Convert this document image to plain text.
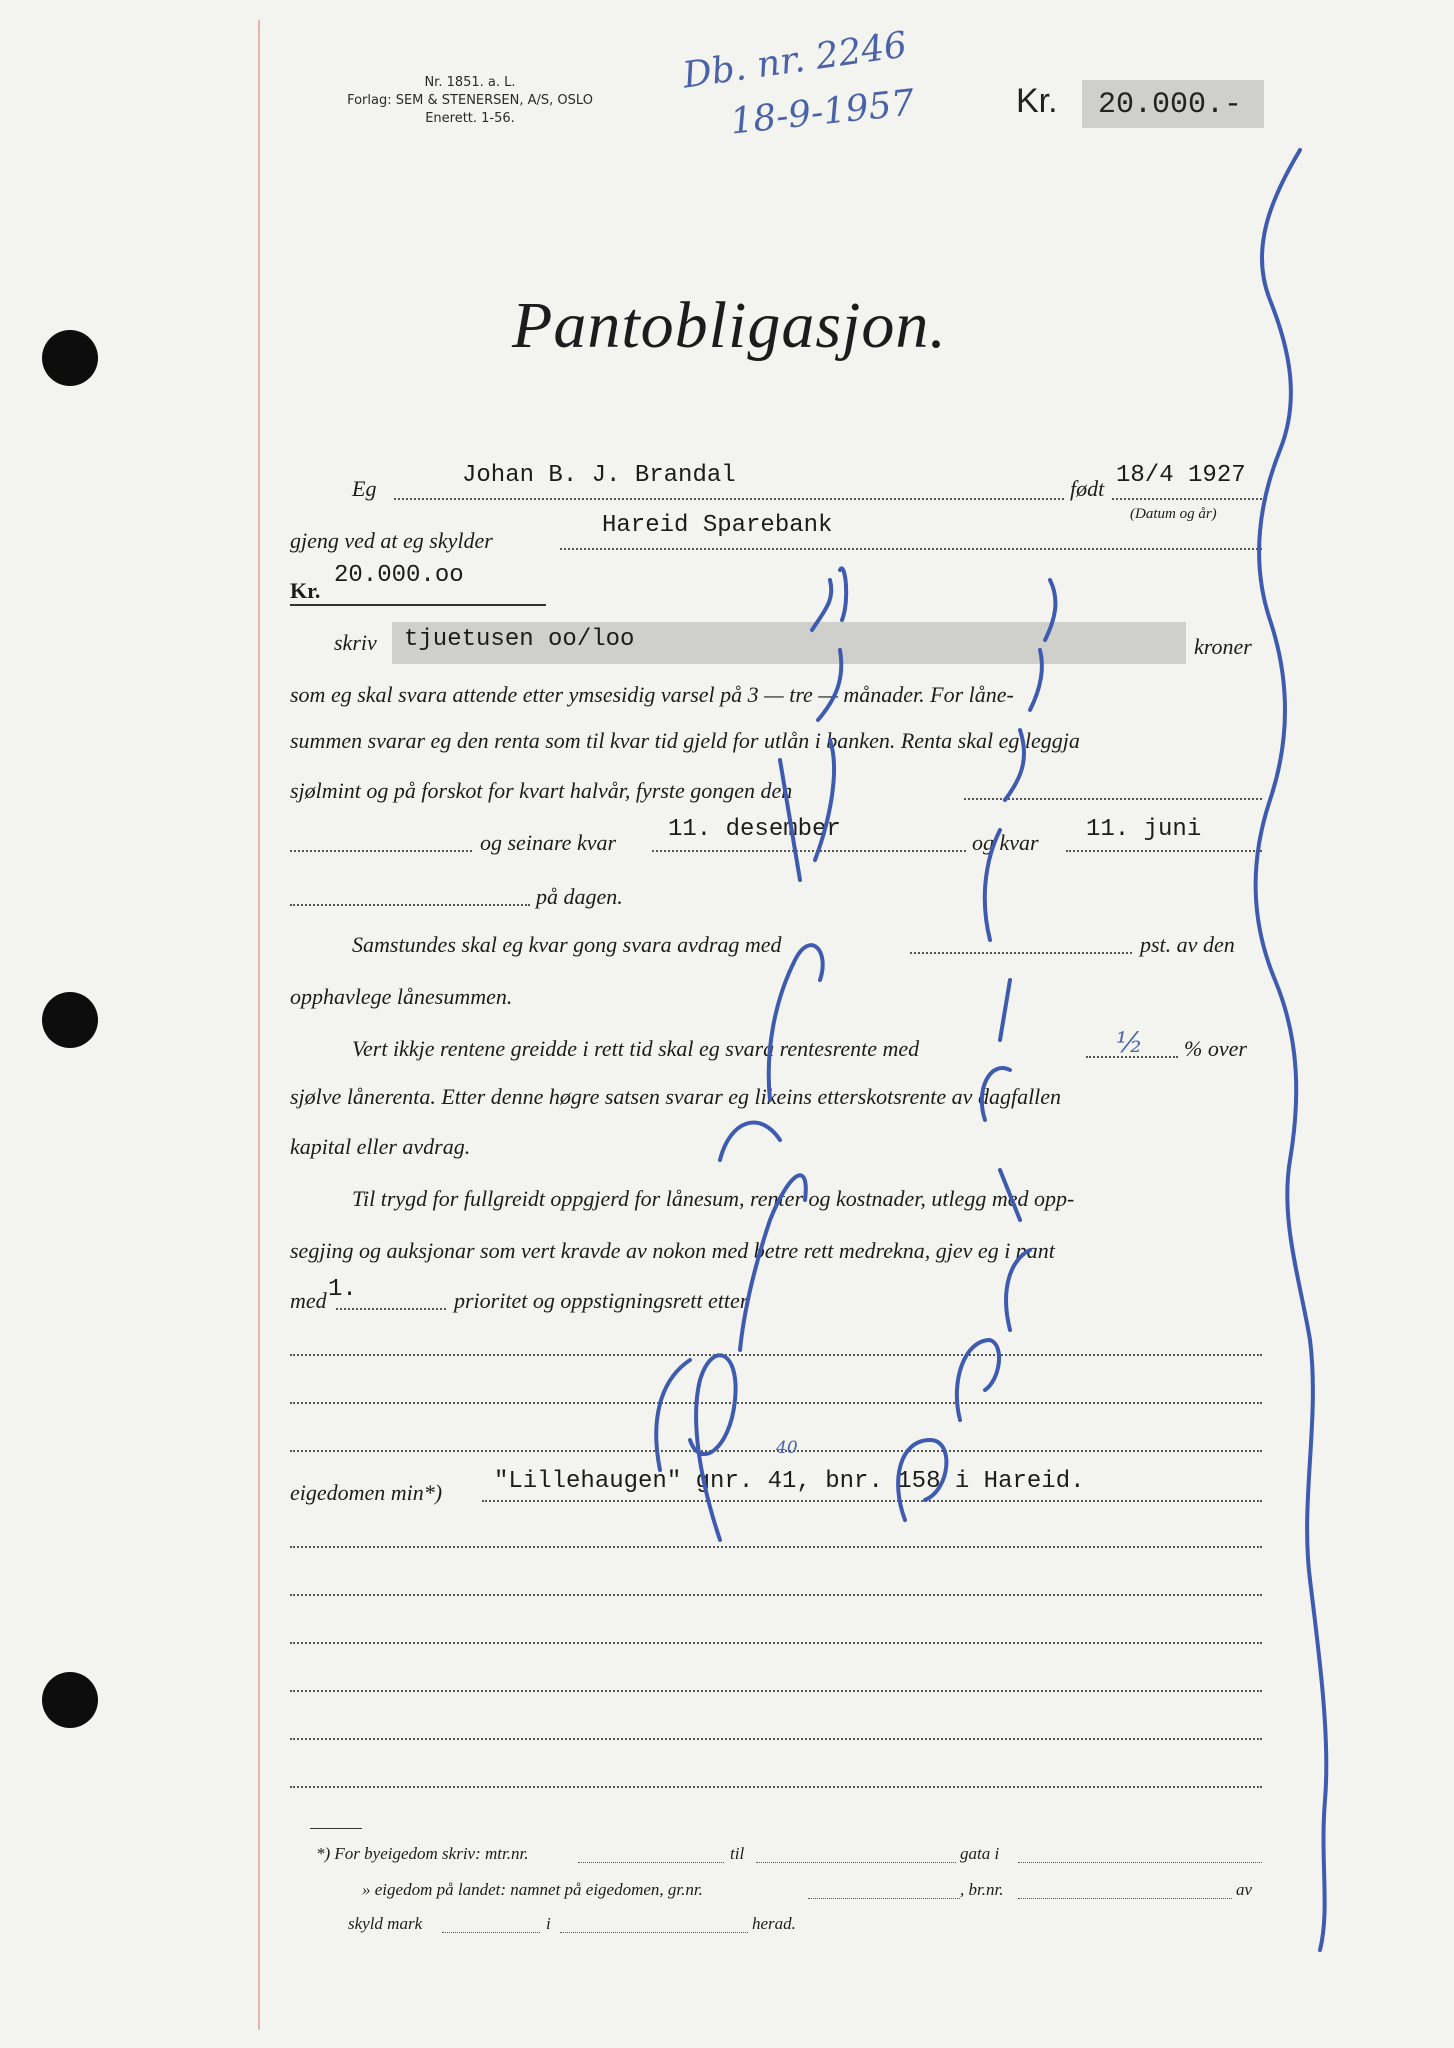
Nr. 1851. a. L.
Forlag: SEM & STENERSEN, A/S, OSLO
Enerett. 1-56.
Db. nr. 2246
18-9-1957	Kr. 20.000.-
Pantobligasjon.
Eg	Johan B. J. Brandal	født 18/4 1927
(Datum og år)
gjeng ved at eg skylder
Hareid Sparebank
Kr.
20.000.oo
skriv tjuetusen oo/loo	kroner
som eg skal svara attende etter ymsesidig varsel på 3 — tre — månader. For låne-
summen svarar eg den renta som til kvar tid gjeld for utlån i banken. Renta skal eg leggja
sjølmint og på forskot for kvart halvår, fyrste gongen den
og seinare kvar 11. desember	og kvar 11. juni
på dagen.
Samstundes skal eg kvar gong svara avdrag med	pst. av den
opphavlege lånesummen.
Vert ikkje rentene greidde i rett tid skal eg svara rentesrente med	½ % over
sjølve lånerenta. Etter denne høgre satsen svarar eg likeins etterskotsrente av dagfallen
kapital eller avdrag.
Til trygd for fullgreidt oppgjerd for lånesum, renter og kostnader, utlegg med opp-
segjing og auksjonar som vert kravde av nokon med betre rett medrekna, gjev eg i pant
med 1.	prioritet og oppstigningsrett etter
eigedomen min*) "Lillehaugen" gnr. 41, bnr. 158 i Hareid.
40
*) For byeigedom skriv: mtr.nr.	til	gata i
» eigedom på landet: namnet på eigedomen, gr.nr.	, br.nr.	av
skyld mark	i	herad.
